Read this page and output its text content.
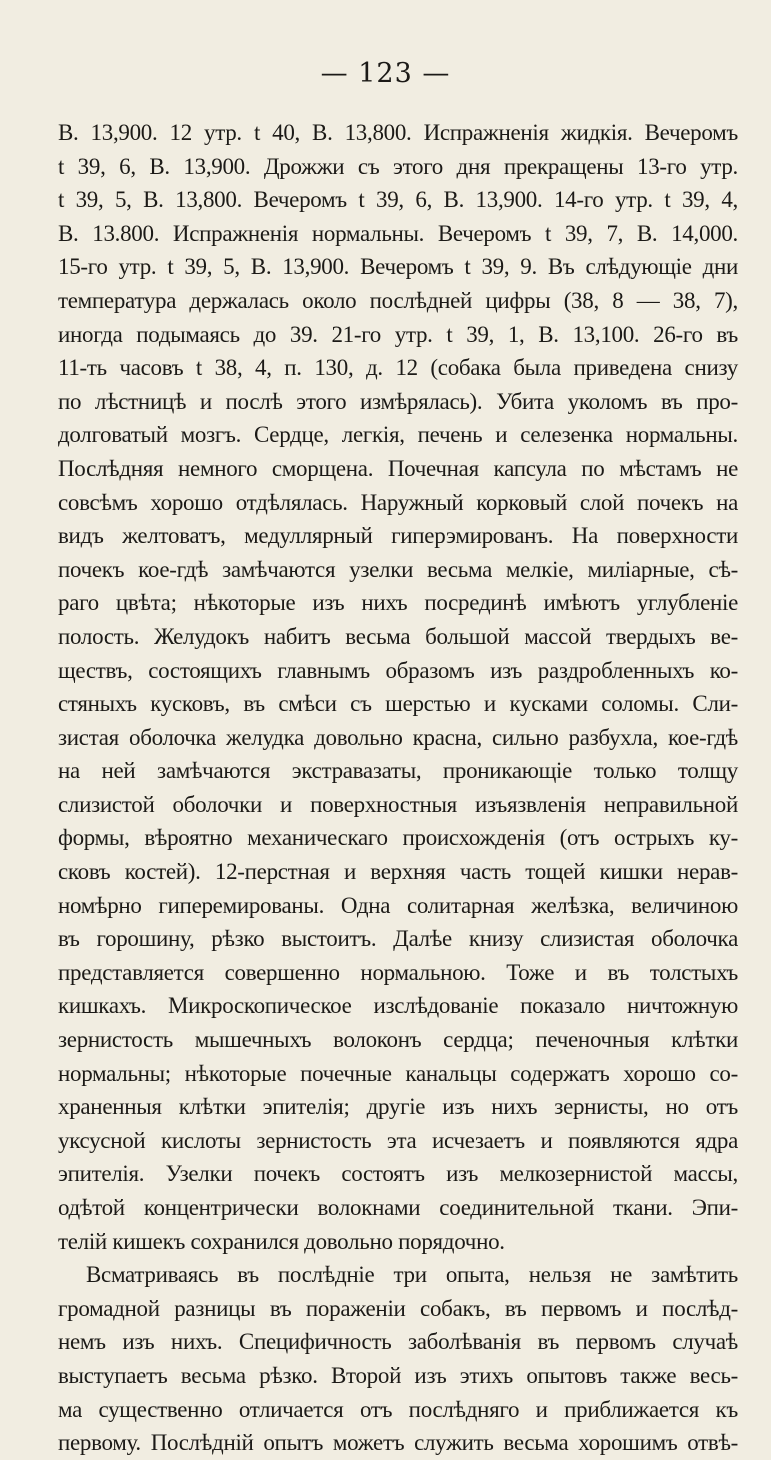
— 123 —
B. 13,900. 12 утр. t 40, B. 13,800. Испражненія жидкія. Вечеромъ
t 39, 6, B. 13,900. Дрожжи съ этого дня прекращены 13-го утр.
t 39, 5, B. 13,800. Вечеромъ t 39, 6, B. 13,900. 14-го утр. t 39, 4,
B. 13.800. Испражненія нормальны. Вечеромъ t 39, 7, B. 14,000.
15-го утр. t 39, 5, B. 13,900. Вечеромъ t 39, 9. Въ слѣдующіе дни
температура держалась около послѣдней цифры (38, 8 — 38, 7),
иногда подымаясь до 39. 21-го утр. t 39, 1, B. 13,100. 26-го въ
11-ть часовъ t 38, 4, п. 130, д. 12 (собака была приведена снизу
по лѣстницѣ и послѣ этого измѣрялась). Убита уколомъ въ про-
долговатый мозгъ. Сердце, легкія, печень и селезенка нормальны.
Послѣдняя немного сморщена. Почечная капсула по мѣстамъ не
совсѣмъ хорошо отдѣлялась. Наружный корковый слой почекъ на
видъ желтоватъ, медуллярный гиперэмированъ. На поверхности
почекъ кое-гдѣ замѣчаются узелки весьма мелкіе, миліарные, сѣ-
раго цвѣта; нѣкоторые изъ нихъ посрединѣ имѣютъ углубленіе
полость. Желудокъ набитъ весьма большой массой твердыхъ ве-
ществъ, состоящихъ главнымъ образомъ изъ раздробленныхъ ко-
стяныхъ кусковъ, въ смѣси съ шерстью и кусками соломы. Сли-
зистая оболочка желудка довольно красна, сильно разбухла, кое-гдѣ
на ней замѣчаются экстравазаты, проникающіе только толщу
слизистой оболочки и поверхностныя изъязвленія неправильной
формы, вѣроятно механическаго происхожденія (отъ острыхъ ку-
сковъ костей). 12-перстная и верхняя часть тощей кишки нерав-
номѣрно гиперемированы. Одна солитарная желѣзка, величиною
въ горошину, рѣзко выстоитъ. Далѣе книзу слизистая оболочка
представляется совершенно нормальною. Тоже и въ толстыхъ
кишкахъ. Микроскопическое изслѣдованіе показало ничтожную
зернистость мышечныхъ волоконъ сердца; печеночныя клѣтки
нормальны; нѣкоторые почечные канальцы содержатъ хорошо со-
храненныя клѣтки эпителія; другіе изъ нихъ зернисты, но отъ
уксусной кислоты зернистость эта исчезаетъ и появляются ядра
эпителія. Узелки почекъ состоятъ изъ мелкозернистой массы,
одѣтой концентрически волокнами соединительной ткани. Эпи-
телій кишекъ сохранился довольно порядочно.
Всматриваясь въ послѣдніе три опыта, нельзя не замѣтить
громадной разницы въ пораженіи собакъ, въ первомъ и послѣд-
немъ изъ нихъ. Специфичность заболѣванія въ первомъ случаѣ
выступаетъ весьма рѣзко. Второй изъ этихъ опытовъ также весь-
ма существенно отличается отъ послѣдняго и приближается къ
первому. Послѣдній опытъ можетъ служить весьма хорошимъ отвѣ-
